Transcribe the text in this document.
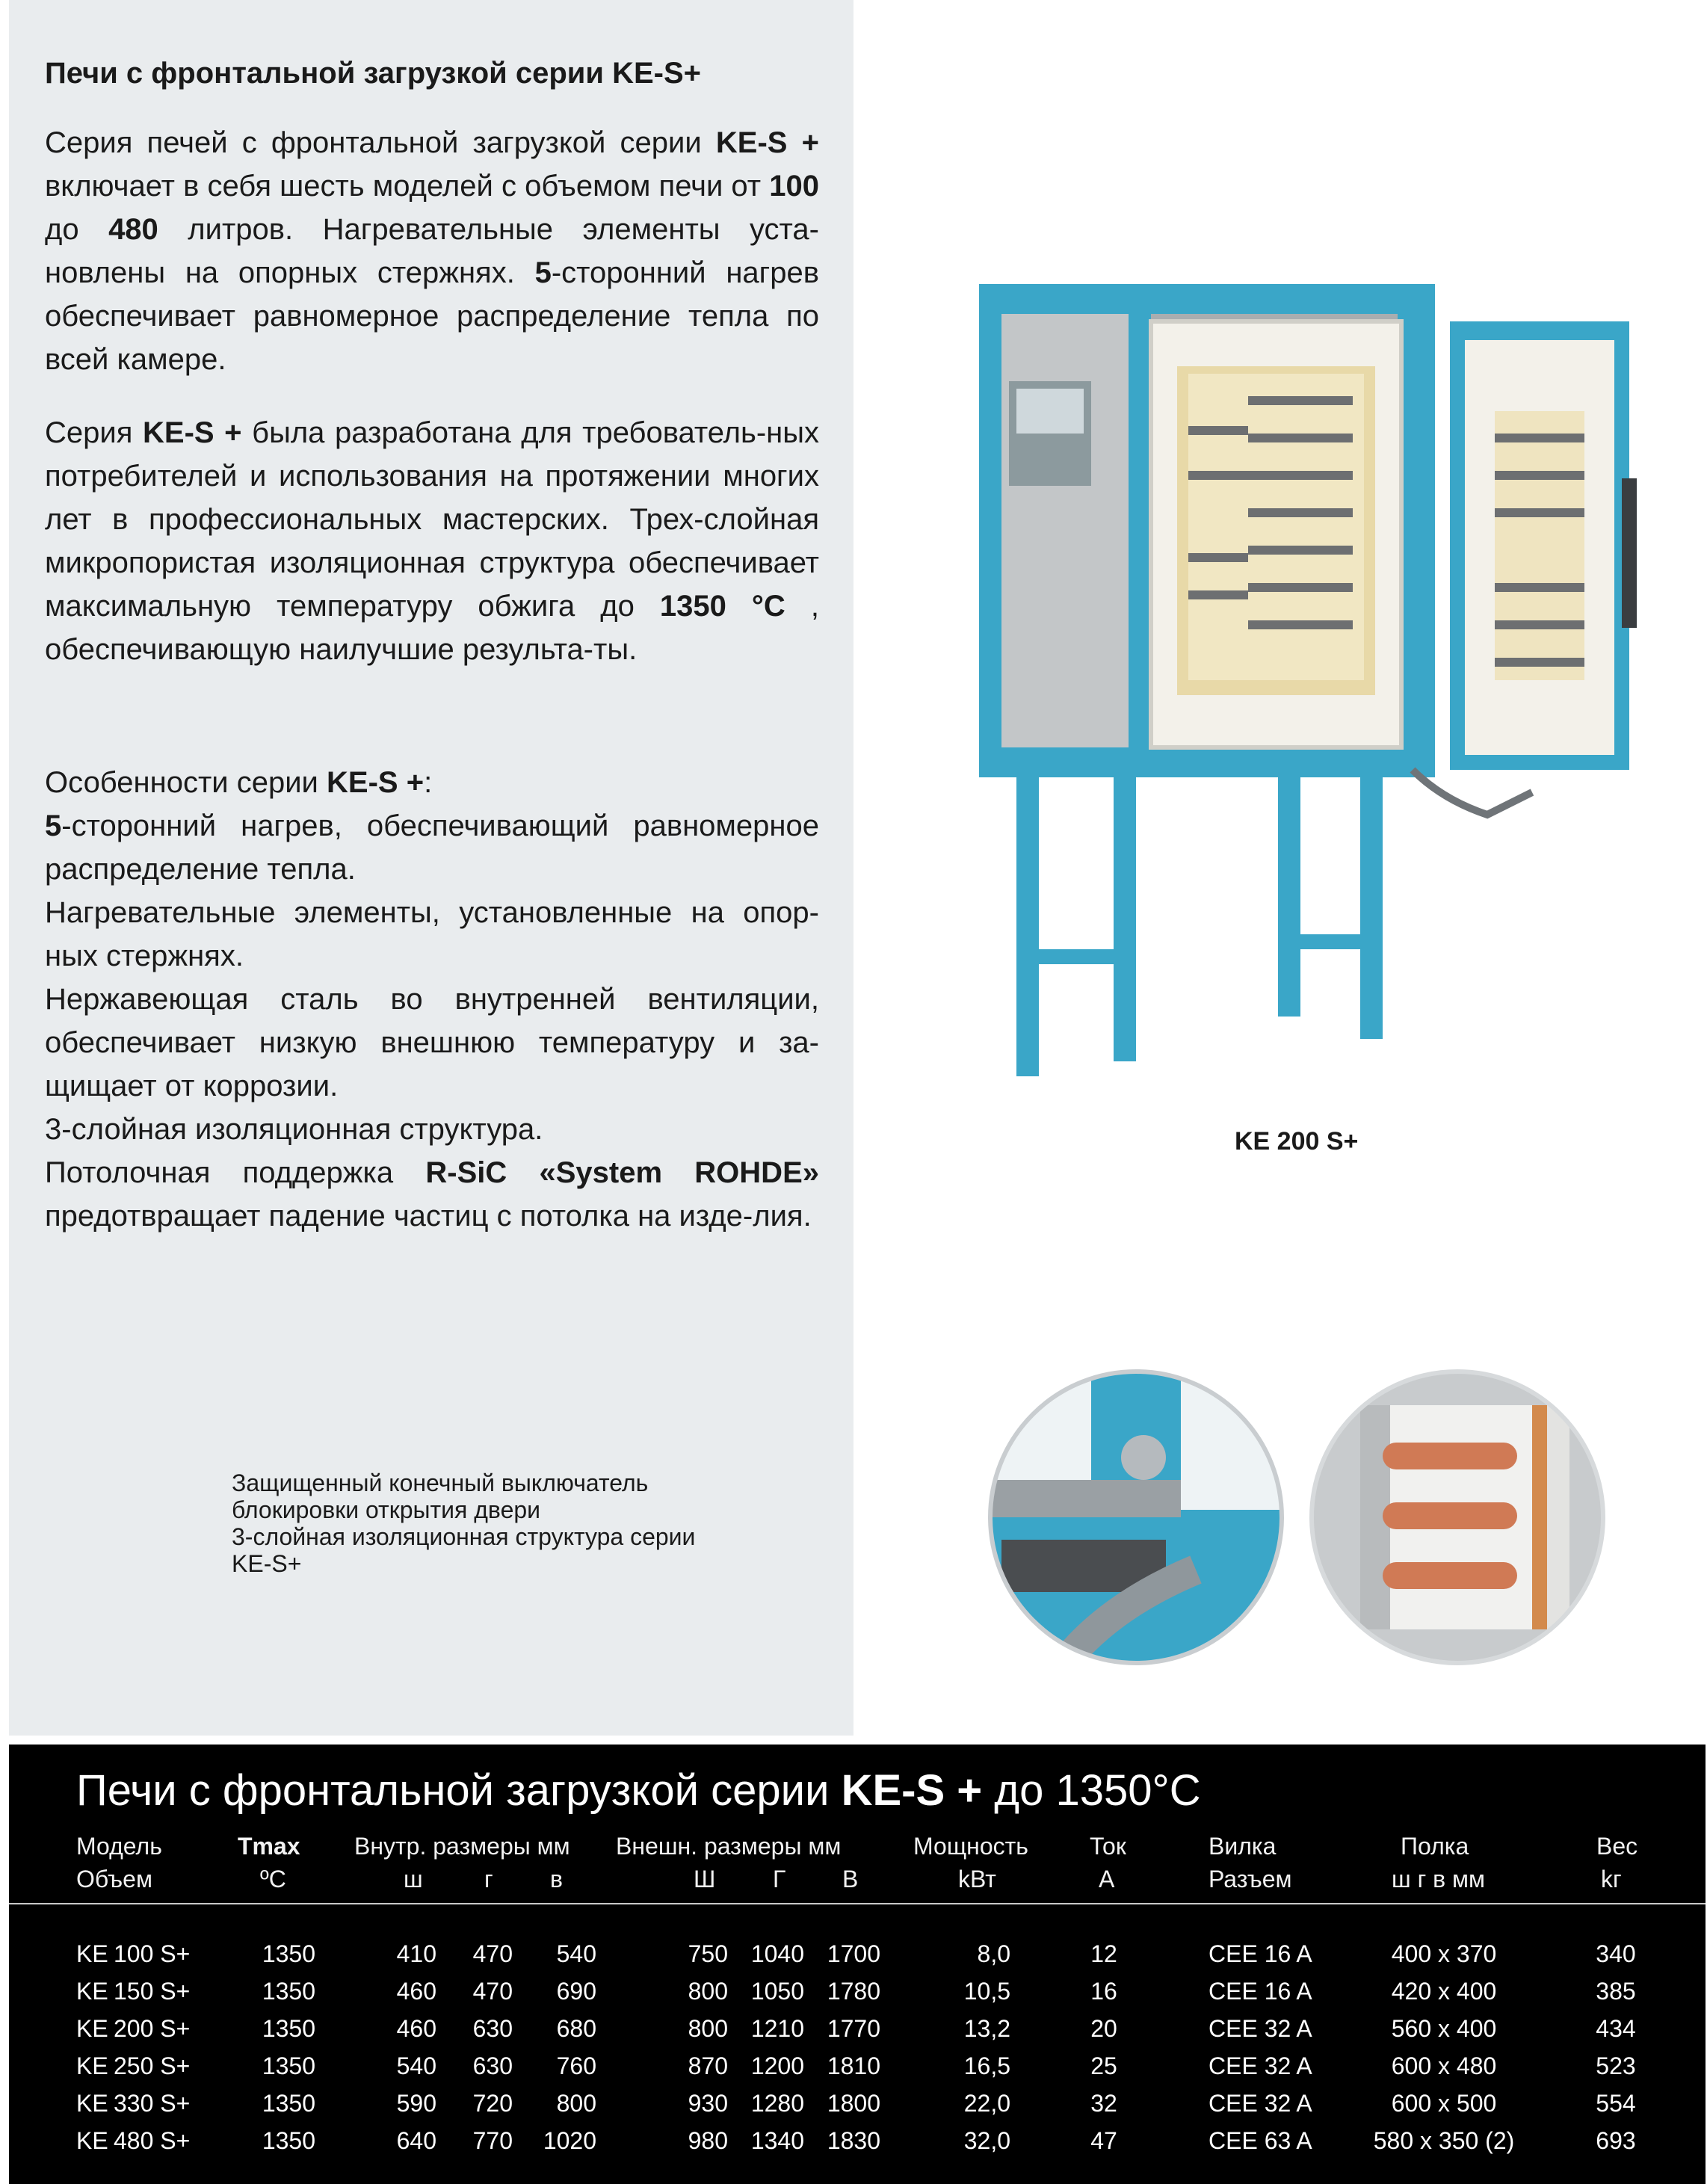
Печи с фронтальной загрузкой серии KE-S+

Серия печей с фронтальной загрузкой серии KE-S + включает в себя шесть моделей с объемом печи от 100 до 480 литров. Нагревательные элементы уста-новлены на опорных стержнях. 5-сторонний нагрев обеспечивает равномерное распределение тепла по всей камере.

Серия KE-S + была разработана для требователь-ных потребителей и использования на протяжении многих лет в профессиональных мастерских. Трех-слойная микропористая изоляционная структура обеспечивает максимальную температуру обжига до 1350 °C , обеспечивающую наилучшие результа-ты.

Особенности серии KE-S +:

5-сторонний нагрев, обеспечивающий равномерное распределение тепла.

Нагревательные элементы, установленные на опор-ных стержнях.

Нержавеющая сталь во внутренней вентиляции, обеспечивает низкую внешнюю температуру и за-щищает от коррозии.

3-слойная изоляционная структура.

Потолочная поддержка R-SiC «System ROHDE» предотвращает падение частиц с потолка на изде-лия.

KE 200 S+
Защищенный конечный выключатель
блокировки открытия двери
3-слойная изоляционная структура серии
KE-S+
Печи с фронтальной загрузкой серии KE-S + до 1350°C
Модель	Tmax Внутр. размеры мм Внешн. размеры мм	Мощность	Ток	Вилка	Полка	Вес
Объем	ºC	ш	г в	Ш Г В	kВт	A	Разъем	ш г в мм	kг
KE 100 S+	1350	410	470	540	750 1040 1700	8,0	12	CEE 16 A	400 x 370	340
KE 150 S+	1350	460	470	690	800 1050 1780	10,5	16	CEE 16 A	420 x 400	385
KE 200 S+	1350	460	630	680	800 1210 1770	13,2	20	CEE 32 A	560 x 400	434
KE 250 S+	1350	540	630	760	870 1200 1810	16,5	25	CEE 32 A	600 x 480	523
KE 330 S+	1350	590	720	800	930 1280 1800	22,0	32	CEE 32 A	600 x 500	554
KE 480 S+	1350	640	770	1020	980 1340 1830	32,0	47	CEE 63 A	580 x 350 (2)	693
